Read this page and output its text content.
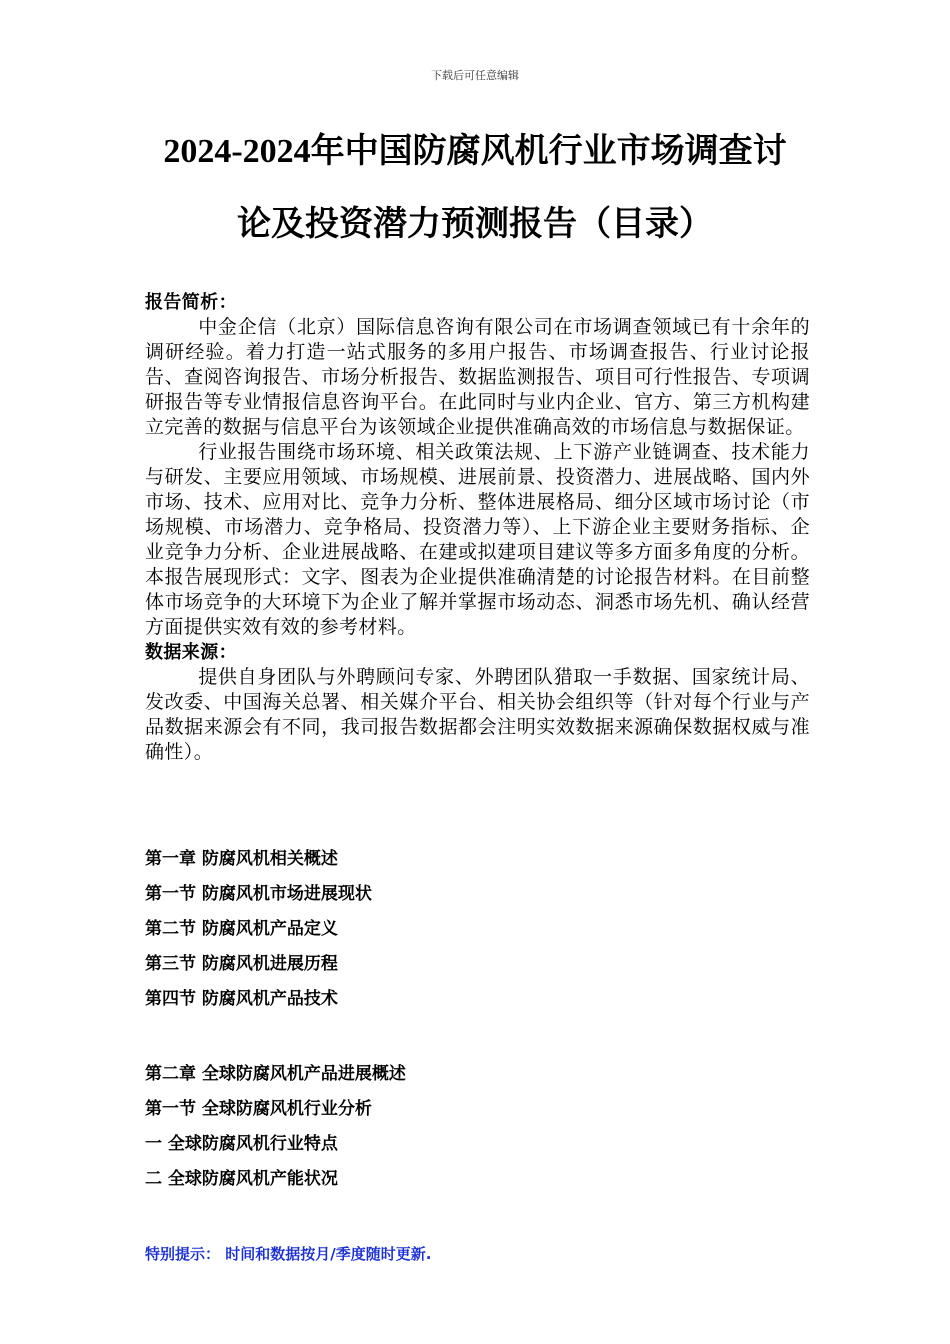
下载后可任意编辑
2024-2024年中国防腐风机行业市场调查讨
论及投资潜力预测报告（目录）
报告简析：

中金企信（北京）国际信息咨询有限公司在市场调查领域已有十余年的调研经验。着力打造一站式服务的多用户报告、市场调查报告、行业讨论报告、查阅咨询报告、市场分析报告、数据监测报告、项目可行性报告、专项调研报告等专业情报信息咨询平台。在此同时与业内企业、官方、第三方机构建立完善的数据与信息平台为该领域企业提供准确高效的市场信息与数据保证。

行业报告围绕市场环境、相关政策法规、上下游产业链调查、技术能力与研发、主要应用领域、市场规模、进展前景、投资潜力、进展战略、国内外市场、技术、应用对比、竞争力分析、整体进展格局、细分区域市场讨论（市场规模、市场潜力、竞争格局、投资潜力等）、上下游企业主要财务指标、企业竞争力分析、企业进展战略、在建或拟建项目建议等多方面多角度的分析。本报告展现形式：文字、图表为企业提供准确清楚的讨论报告材料。在目前整体市场竞争的大环境下为企业了解并掌握市场动态、洞悉市场先机、确认经营方面提供实效有效的参考材料。

数据来源：

提供自身团队与外聘顾问专家、外聘团队猎取一手数据、国家统计局、发改委、中国海关总署、相关媒介平台、相关协会组织等（针对每个行业与产品数据来源会有不同，我司报告数据都会注明实效数据来源确保数据权威与准确性）。

第一章 防腐风机相关概述
第一节 防腐风机市场进展现状
第二节 防腐风机产品定义
第三节 防腐风机进展历程
第四节 防腐风机产品技术
第二章 全球防腐风机产品进展概述
第一节 全球防腐风机行业分析
一 全球防腐风机行业特点
二 全球防腐风机产能状况
特别提示： 时间和数据按月/季度随时更新.
